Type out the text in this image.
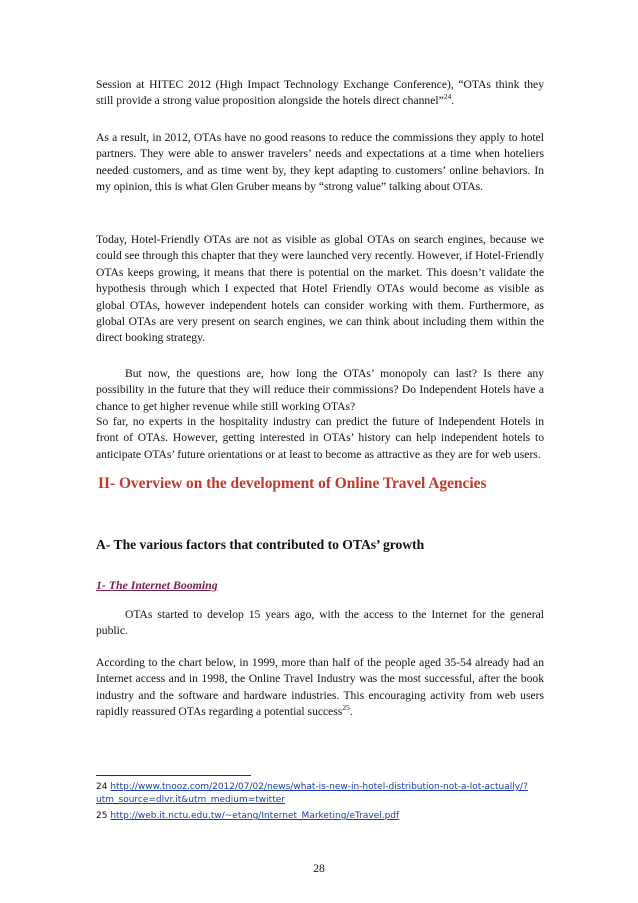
Session at HITEC 2012 (High Impact Technology Exchange Conference), “OTAs think they still provide a strong value proposition alongside the hotels direct channel”$^{24}$.

As a result, in 2012, OTAs have no good reasons to reduce the commissions they apply to hotel partners. They were able to answer travelers’ needs and expectations at a time when hoteliers needed customers, and as time went by, they kept adapting to customers’ online behaviors. In my opinion, this is what Glen Gruber means by “strong value” talking about OTAs.

Today, Hotel-Friendly OTAs are not as visible as global OTAs on search engines, because we could see through this chapter that they were launched very recently. However, if Hotel-Friendly OTAs keeps growing, it means that there is potential on the market. This doesn’t validate the hypothesis through which I expected that Hotel Friendly OTAs would become as visible as global OTAs, however independent hotels can consider working with them. Furthermore, as global OTAs are very present on search engines, we can think about including them within the direct booking strategy.

But now, the questions are, how long the OTAs’ monopoly can last? Is there any possibility in the future that they will reduce their commissions? Do Independent Hotels have a chance to get higher revenue while still working OTAs?

So far, no experts in the hospitality industry can predict the future of Independent Hotels in front of OTAs. However, getting interested in OTAs’ history can help independent hotels to anticipate OTAs’ future orientations or at least to become as attractive as they are for web users.

II- Overview on the development of Online Travel Agencies
A- The various factors that contributed to OTAs’ growth
1- The Internet Booming

OTAs started to develop 15 years ago, with the access to the Internet for the general public.

According to the chart below, in 1999, more than half of the people aged 35-54 already had an Internet access and in 1998, the Online Travel Industry was the most successful, after the book industry and the software and hardware industries. This encouraging activity from web users rapidly reassured OTAs regarding a potential success$^{25}$.

24 http://www.tnooz.com/2012/07/02/news/what-is-new-in-hotel-distribution-not-a-lot-actually/?utm_source=dlvr.it&utm_medium=twitter

25 http://web.it.nctu.edu.tw/~etang/Internet_Marketing/eTravel.pdf

28
